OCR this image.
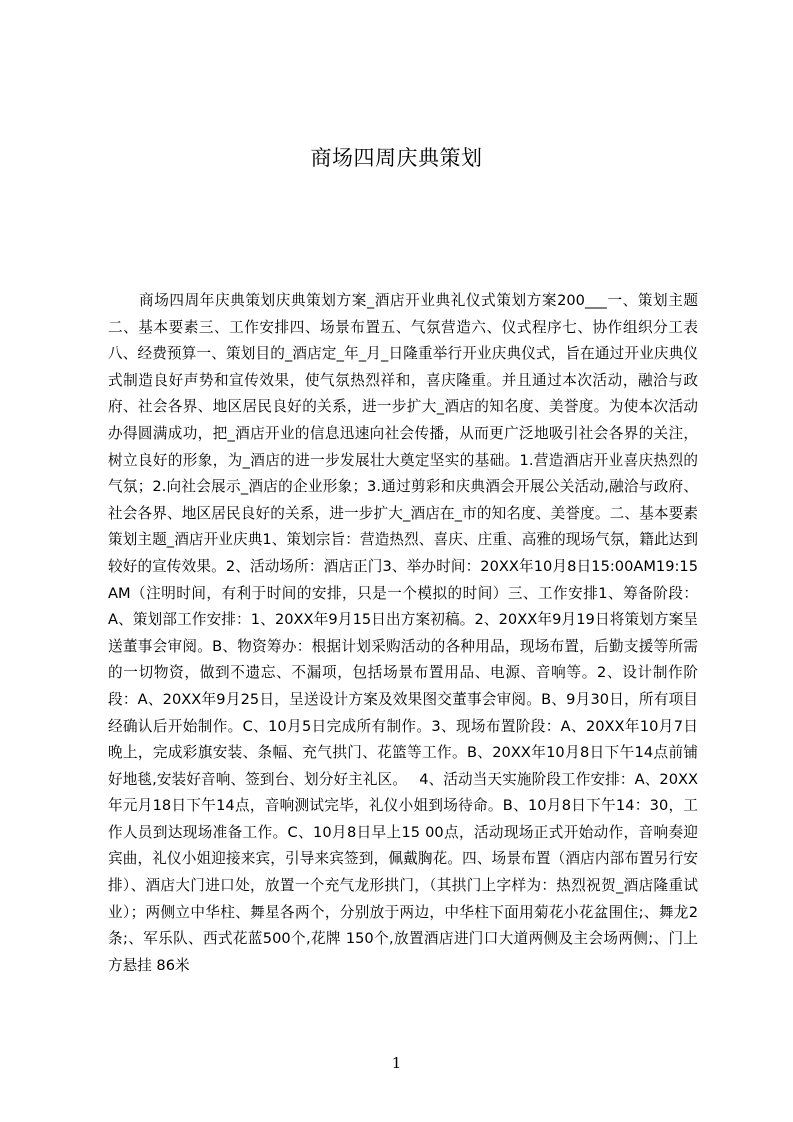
商场四周庆典策划

商场四周年庆典策划庆典策划方案_酒店开业典礼仪式策划方案200___一、策划主题二、基本要素三、工作安排四、场景布置五、气氛营造六、仪式程序七、协作组织分工表八、经费预算一、策划目的_酒店定_年_月_日隆重举行开业庆典仪式，旨在通过开业庆典仪式制造良好声势和宣传效果，使气氛热烈祥和，喜庆隆重。并且通过本次活动，融洽与政府、社会各界、地区居民良好的关系，进一步扩大_酒店的知名度、美誉度。为使本次活动办得圆满成功，把_酒店开业的信息迅速向社会传播，从而更广泛地吸引社会各界的关注，树立良好的形象，为_酒店的进一步发展壮大奠定坚实的基础。1.营造酒店开业喜庆热烈的气氛；2.向社会展示_酒店的企业形象；3.通过剪彩和庆典酒会开展公关活动,融洽与政府、社会各界、地区居民良好的关系，进一步扩大_酒店在_市的知名度、美誉度。二、基本要素策划主题_酒店开业庆典1、策划宗旨：营造热烈、喜庆、庄重、高雅的现场气氛，籍此达到较好的宣传效果。2、活动场所：酒店正门3、举办时间：20XX年10月8日15:00AM19:15AM（注明时间，有利于时间的安排，只是一个模拟的时间）三、工作安排1、筹备阶段： A、策划部工作安排：1、20XX年9月15日出方案初稿。2、20XX年9月19日将策划方案呈送董事会审阅。B、物资筹办：根据计划采购活动的各种用品，现场布置，后勤支援等所需的一切物资，做到不遗忘、不漏项，包括场景布置用品、电源、音响等。2、设计制作阶段：A、20XX年9月25日，呈送设计方案及效果图交董事会审阅。B、9月30日，所有项目经确认后开始制作。C、10月5日完成所有制作。3、现场布置阶段：A、20XX年10月7日晚上，完成彩旗安装、条幅、充气拱门、花篮等工作。B、20XX年10月8日下午14点前铺好地毯,安装好音响、签到台、划分好主礼区。　 4、活动当天实施阶段工作安排：A、20XX年元月18日下午14点，音响测试完毕，礼仪小姐到场待命。B、10月8日下午14：30，工作人员到达现场准备工作。C、10月8日早上15 00点，活动现场正式开始动作，音响奏迎宾曲，礼仪小姐迎接来宾，引导来宾签到，佩戴胸花。四、场景布置（酒店内部布置另行安排）、酒店大门进口处，放置一个充气龙形拱门，（其拱门上字样为：热烈祝贺_酒店隆重试业）；两侧立中华柱、舞星各两个，分别放于两边，中华柱下面用菊花小花盆围住;、舞龙2条;、军乐队、西式花蓝500个,花牌 150个,放置酒店进门口大道两侧及主会场两侧;、门上方悬挂 86米

1
